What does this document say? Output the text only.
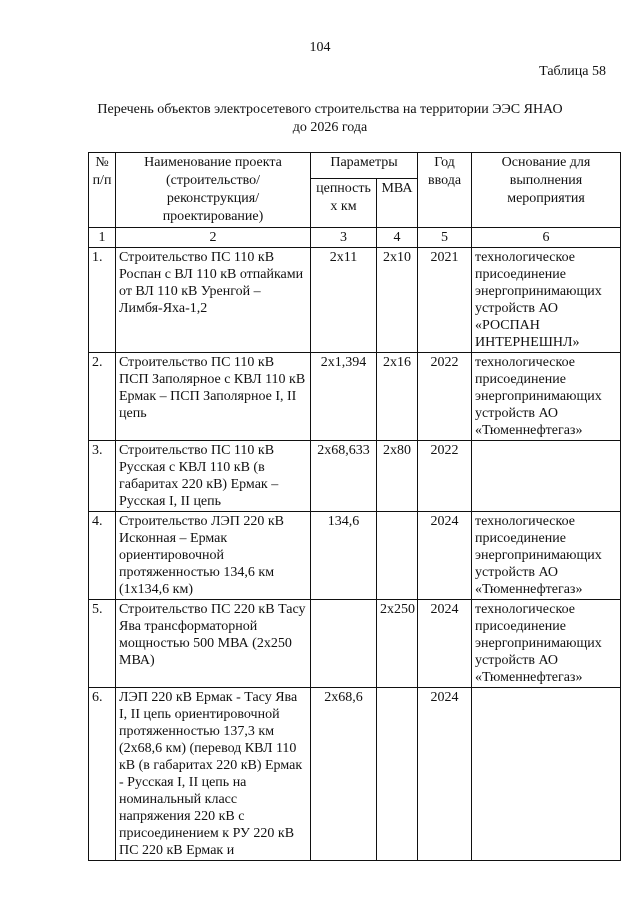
104
Таблица 58
Перечень объектов электросетевого строительства на территории ЭЭС ЯНАО
до 2026 года
№ п/п	Наименование проекта (строительство/ реконструкция/ проектирование)	Параметры		Год ввода	Основание для выполнения мероприятия
		цепность х км	МВА		
1	2	3	4	5	6
1.	Строительство ПС 110 кВ Роспан с ВЛ 110 кВ отпайками от ВЛ 110 кВ Уренгой – Лимбя-Яха-1,2	2x11	2x10	2021	технологическое присоединение энергопринимающих устройств АО «РОСПАН ИНТЕРНЕШНЛ»
2.	Строительство ПС 110 кВ ПСП Заполярное с КВЛ 110 кВ Ермак – ПСП Заполярное I, II цепь	2x1,394	2x16	2022	технологическое присоединение энергопринимающих устройств АО «Тюменнефтегаз»
3.	Строительство ПС 110 кВ Русская с КВЛ 110 кВ (в габаритах 220 кВ) Ермак – Русская I, II цепь	2x68,633	2x80	2022	
4.	Строительство ЛЭП 220 кВ Исконная – Ермак ориентировочной протяженностью 134,6 км (1x134,6 км)	134,6		2024	технологическое присоединение энергопринимающих устройств АО «Тюменнефтегаз»
5.	Строительство ПС 220 кВ Тасу Ява трансформаторной мощностью 500 МВА (2x250 МВА)		2x250	2024	технологическое присоединение энергопринимающих устройств АО «Тюменнефтегаз»
6.	ЛЭП 220 кВ Ермак - Тасу Ява I, II цепь ориентировочной протяженностью 137,3 км (2x68,6 км) (перевод КВЛ 110 кВ (в габаритах 220 кВ) Ермак - Русская I, II цепь на номинальный класс напряжения 220 кВ с присоединением к РУ 220 кВ ПС 220 кВ Ермак и	2x68,6		2024	
